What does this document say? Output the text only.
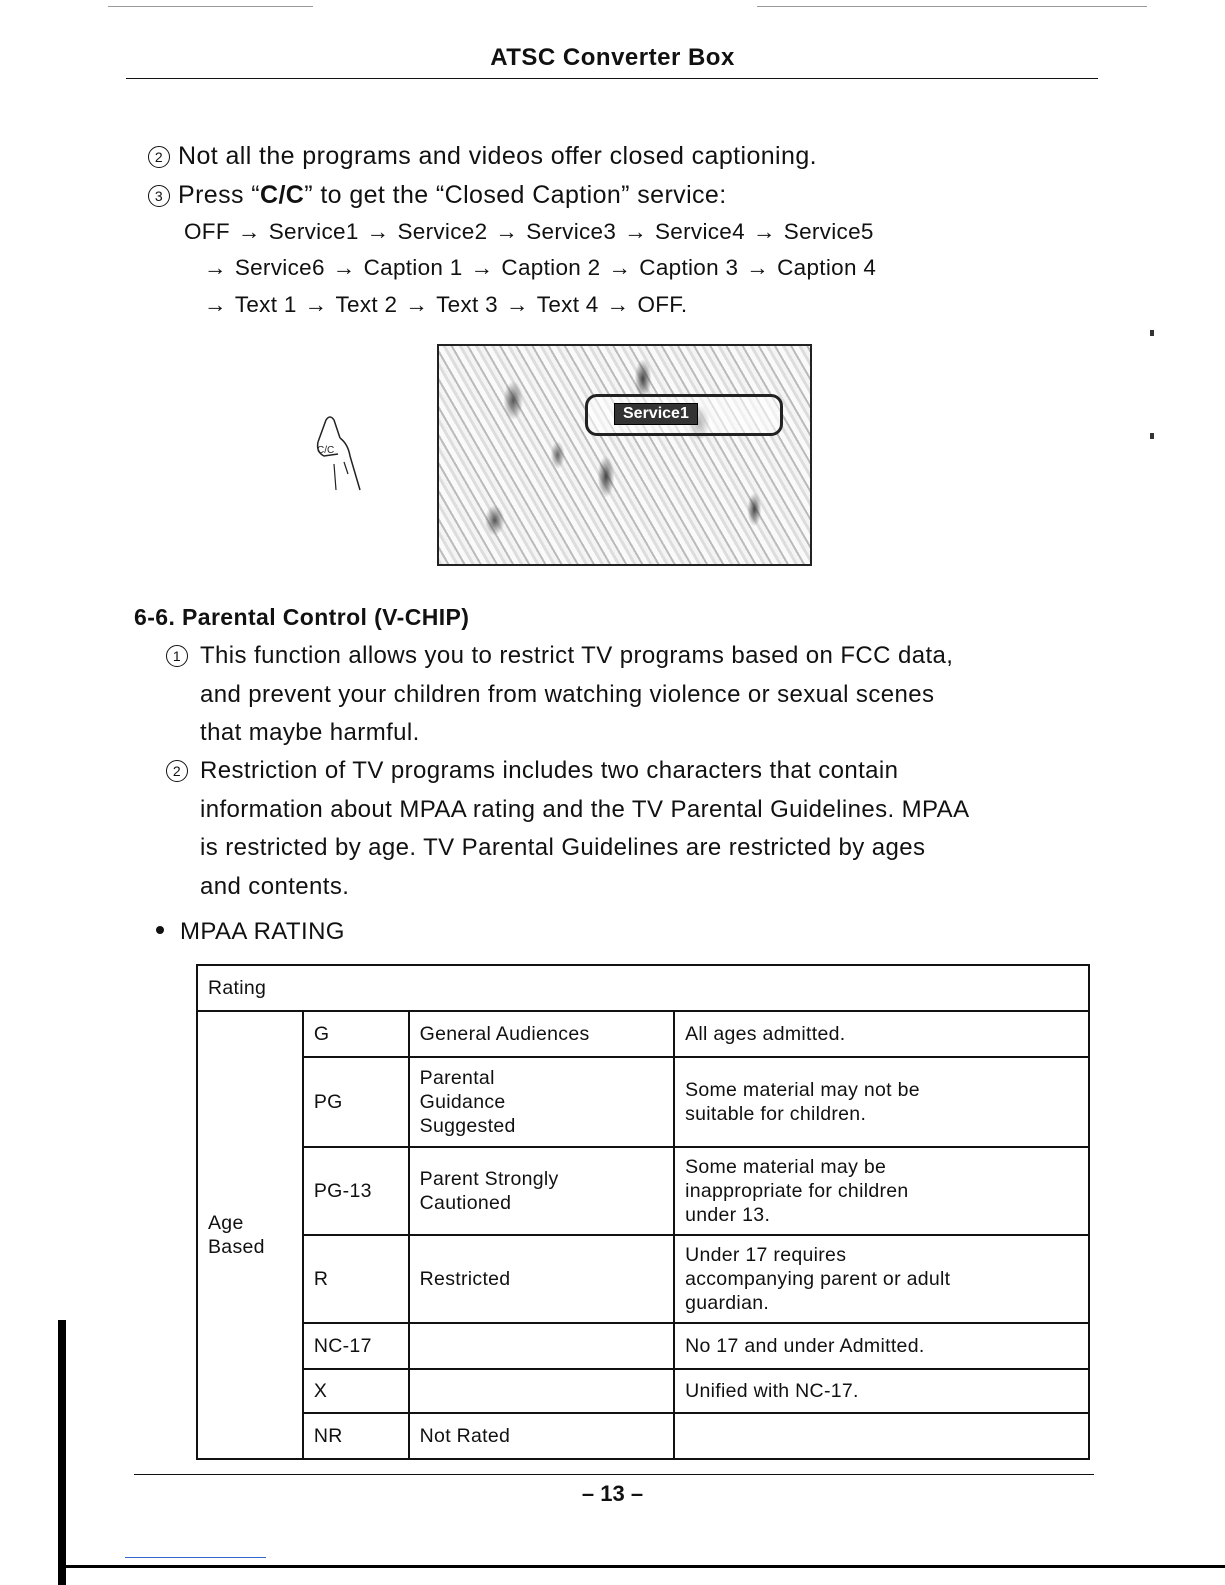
ATSC Converter Box
2 Not all the programs and videos offer closed captioning.
3 Press “C/C” to get the “Closed Caption” service:
OFF → Service1 → Service2 → Service3 → Service4 → Service5
→ Service6 → Caption 1 → Caption 2 → Caption 3 → Caption 4
→ Text 1 → Text 2 → Text 3 → Text 4 → OFF.
C/C
Service1
6-6. Parental Control (V-CHIP)
1 This function allows you to restrict TV programs based on FCC data,
and prevent your children from watching violence or sexual scenes
that maybe harmful.
2 Restriction of TV programs includes two characters that contain
information about MPAA rating and the TV Parental Guidelines. MPAA
is restricted by age. TV Parental Guidelines are restricted by ages
and contents.
MPAA RATING
Rating			

Age
Based	G	General Audiences	All ages admitted.
	PG	Parental
Guidance
Suggested	Some material may not be
suitable for children.
	PG-13	Parent Strongly
Cautioned	Some material may be
inappropriate for children
under 13.
	R	Restricted	Under 17 requires
accompanying parent or adult
guardian.
	NC-17		No 17 and under Admitted.
	X		Unified with NC-17.
	NR	Not Rated	
– 13 –
